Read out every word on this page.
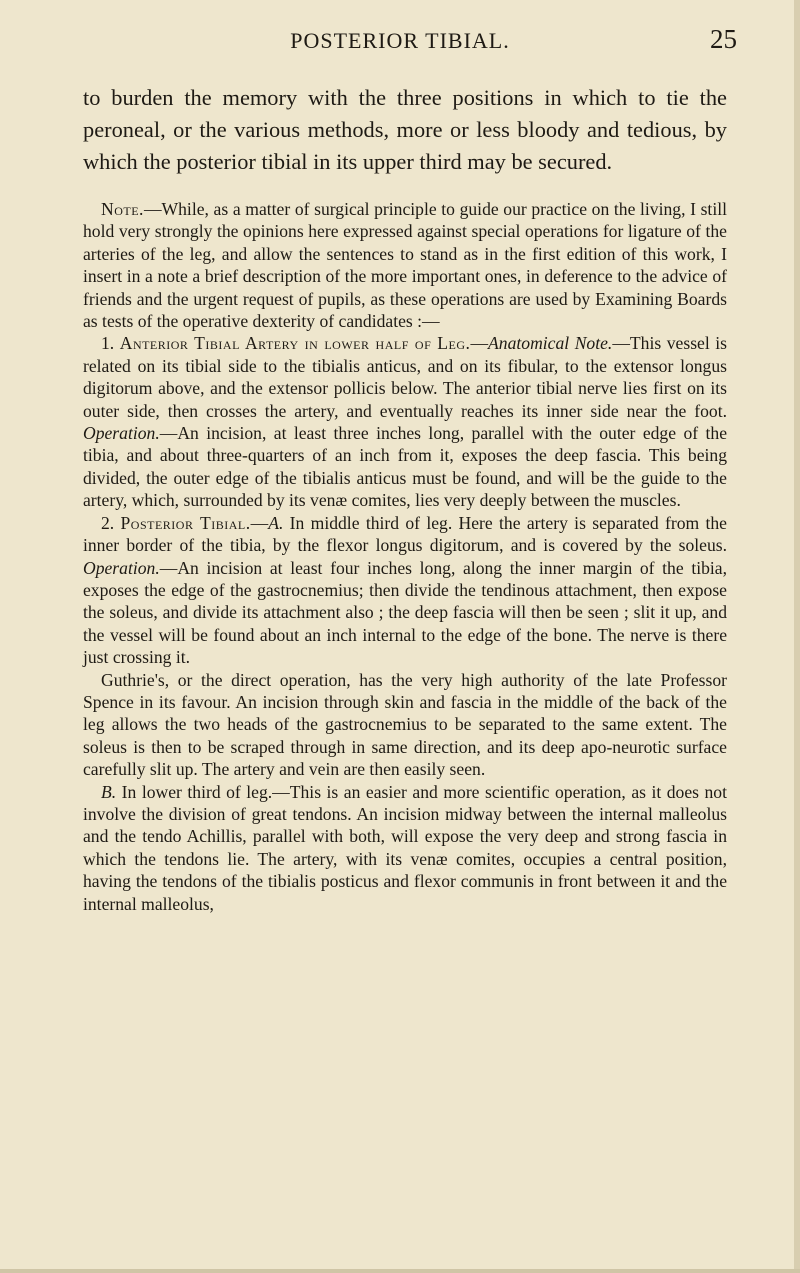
POSTERIOR TIBIAL.	25

to burden the memory with the three positions in which to tie the peroneal, or the various methods, more or less bloody and tedious, by which the posterior tibial in its upper third may be secured.

Note.—While, as a matter of surgical principle to guide our practice on the living, I still hold very strongly the opinions here expressed against special operations for ligature of the arteries of the leg, and allow the sentences to stand as in the first edition of this work, I insert in a note a brief description of the more important ones, in deference to the advice of friends and the urgent request of pupils, as these operations are used by Examining Boards as tests of the operative dexterity of candidates :—

1. Anterior Tibial Artery in lower half of Leg.—Anatomical Note.—This vessel is related on its tibial side to the tibialis anticus, and on its fibular, to the extensor longus digitorum above, and the extensor pollicis below. The anterior tibial nerve lies first on its outer side, then crosses the artery, and eventually reaches its inner side near the foot. Operation.—An incision, at least three inches long, parallel with the outer edge of the tibia, and about three-quarters of an inch from it, exposes the deep fascia. This being divided, the outer edge of the tibialis anticus must be found, and will be the guide to the artery, which, surrounded by its venæ comites, lies very deeply between the muscles.

2. Posterior Tibial.—A. In middle third of leg. Here the artery is separated from the inner border of the tibia, by the flexor longus digitorum, and is covered by the soleus. Operation.—An incision at least four inches long, along the inner margin of the tibia, exposes the edge of the gastrocnemius; then divide the tendinous attachment, then expose the soleus, and divide its attachment also ; the deep fascia will then be seen ; slit it up, and the vessel will be found about an inch internal to the edge of the bone. The nerve is there just crossing it.

Guthrie's, or the direct operation, has the very high authority of the late Professor Spence in its favour. An incision through skin and fascia in the middle of the back of the leg allows the two heads of the gastrocnemius to be separated to the same extent. The soleus is then to be scraped through in same direction, and its deep apo-neurotic surface carefully slit up. The artery and vein are then easily seen.

B. In lower third of leg.—This is an easier and more scientific operation, as it does not involve the division of great tendons. An incision midway between the internal malleolus and the tendo Achillis, parallel with both, will expose the very deep and strong fascia in which the tendons lie. The artery, with its venæ comites, occupies a central position, having the tendons of the tibialis posticus and flexor communis in front between it and the internal malleolus,
